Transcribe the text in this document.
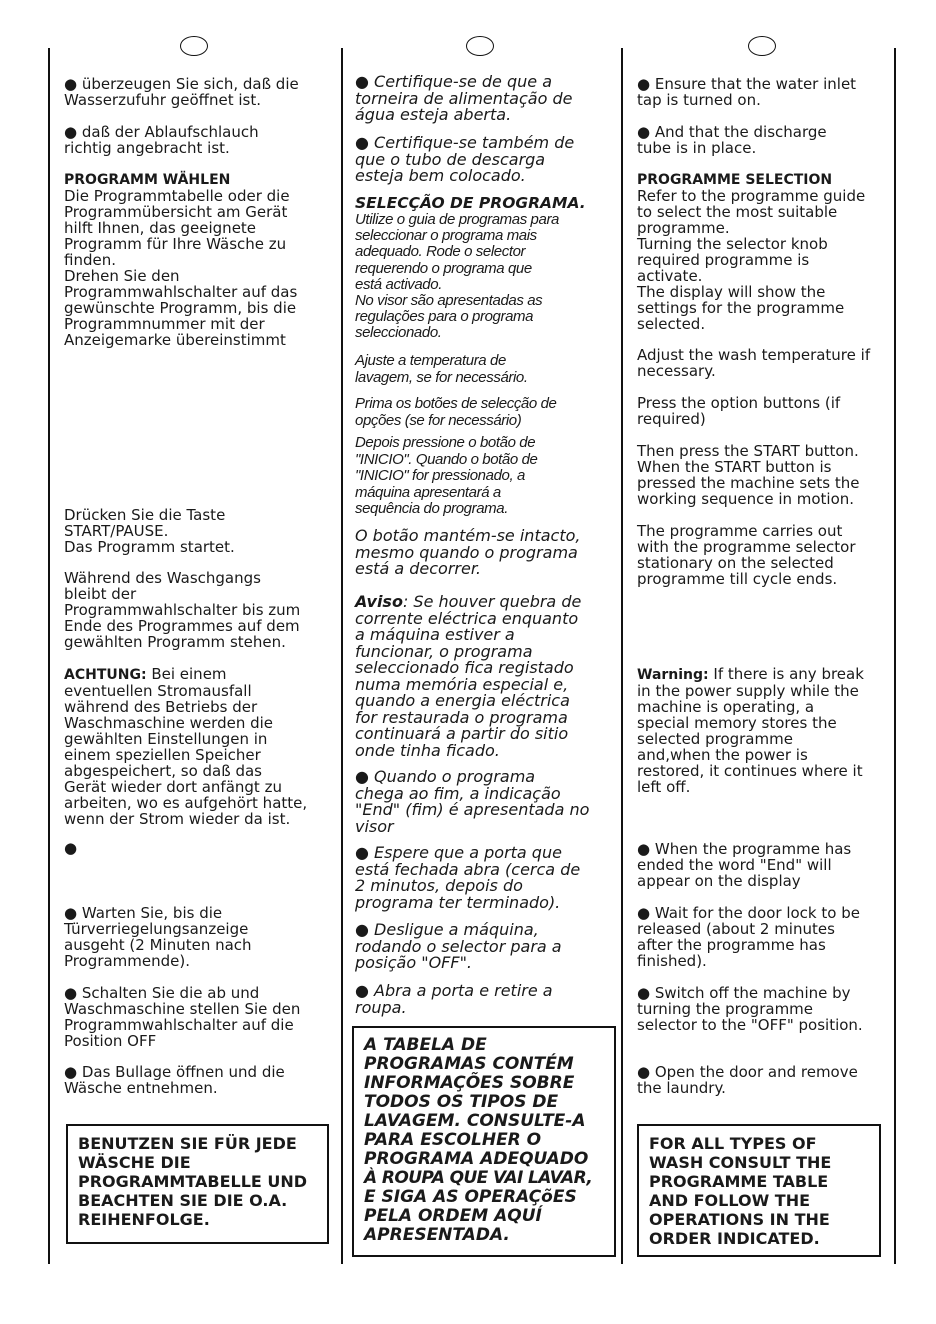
● überzeugen Sie sich, daß die
Wasserzufuhr geöffnet ist.
● daß der Ablaufschlauch
richtig angebracht ist.
PROGRAMM WÄHLEN
Die Programmtabelle oder die
Programmübersicht am Gerät
hilft Ihnen, das geeignete
Programm für Ihre Wäsche zu
finden.
Drehen Sie den
Programmwahlschalter auf das
gewünschte Programm, bis die
Programmnummer mit der
Anzeigemarke übereinstimmt
Drücken Sie die Taste
START/PAUSE.
Das Programm startet.
Während des Waschgangs
bleibt der
Programmwahlschalter bis zum
Ende des Programmes auf dem
gewählten Programm stehen.
ACHTUNG: Bei einem
eventuellen Stromausfall
während des Betriebs der
Waschmaschine werden die
gewählten Einstellungen in
einem speziellen Speicher
abgespeichert, so daß das
Gerät wieder dort anfängt zu
arbeiten, wo es aufgehört hatte,
wenn der Strom wieder da ist.
●
● Warten Sie, bis die
Türverriegelungsanzeige
ausgeht (2 Minuten nach
Programmende).
● Schalten Sie die ab und
Waschmaschine stellen Sie den
Programmwahlschalter auf die
Position OFF
● Das Bullage öffnen und die
Wäsche entnehmen.
BENUTZEN SIE FÜR JEDE
WÄSCHE DIE
PROGRAMMTABELLE UND
BEACHTEN SIE DIE O.A.
REIHENFOLGE.
● Certifique-se de que a
torneira de alimentação de
água esteja aberta.
● Certifique-se também de
que o tubo de descarga
esteja bem colocado.
SELECÇÃO DE PROGRAMA.
Utilize o guia de programas para
seleccionar o programa mais
adequado. Rode o selector
requerendo o programa que
está activado.
No visor são apresentadas as
regulações para o programa
seleccionado.
Ajuste a temperatura de
lavagem, se for necessário.
Prima os botões de selecção de
opções (se for necessário)
Depois pressione o botão de
"INICIO". Quando o botão de
"INICIO" for pressionado, a
máquina apresentará a
sequência do programa.
O botão mantém-se intacto,
mesmo quando o programa
está a decorrer.
Aviso: Se houver quebra de
corrente eléctrica enquanto
a máquina estiver a
funcionar, o programa
seleccionado fica registado
numa memória especial e,
quando a energia eléctrica
for restaurada o programa
continuará a partir do sitio
onde tinha ficado.
● Quando o programa
chega ao fim, a indicação
"End" (fim) é apresentada no
visor
● Espere que a porta que
está fechada abra (cerca de
2 minutos, depois do
programa ter terminado).
● Desligue a máquina,
rodando o selector para a
posição "OFF".
● Abra a porta e retire a
roupa.
A TABELA DE
PROGRAMAS CONTÉM
INFORMAÇÕES SOBRE
TODOS OS TIPOS DE
LAVAGEM. CONSULTE-A
PARA ESCOLHER O
PROGRAMA ADEQUADO
À ROUPA QUE VAI LAVAR,
E SIGA AS OPERAÇõES
PELA ORDEM AQUÍ
APRESENTADA.
● Ensure that the water inlet
tap is turned on.
● And that the discharge
tube is in place.
PROGRAMME SELECTION
Refer to the programme guide
to select the most suitable
programme.
Turning the selector knob
required programme is
activate.
The display will show the
settings for the programme
selected.
Adjust the wash temperature if
necessary.
Press the option buttons (if
required)
Then press the START button.
When the START button is
pressed the machine sets the
working sequence in motion.
The programme carries out
with the programme selector
stationary on the selected
programme till cycle ends.
Warning: If there is any break
in the power supply while the
machine is operating, a
special memory stores the
selected programme
and,when the power is
restored, it continues where it
left off.
● When the programme has
ended the word "End" will
appear on the display
● Wait for the door lock to be
released (about 2 minutes
after the programme has
finished).
● Switch off the machine by
turning the programme
selector to the "OFF" position.
● Open the door and remove
the laundry.
FOR ALL TYPES OF
WASH CONSULT THE
PROGRAMME TABLE
AND FOLLOW THE
OPERATIONS IN THE
ORDER INDICATED.
